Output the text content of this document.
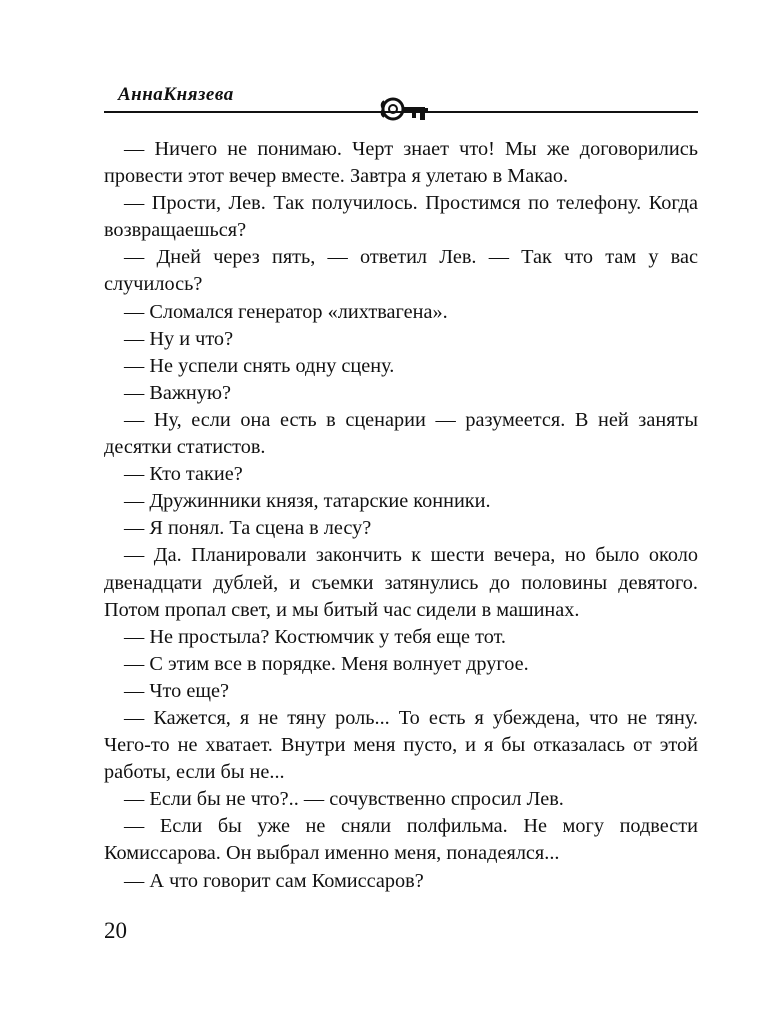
АннаКнязева

— Ничего не понимаю. Черт знает что! Мы же договорились провести этот вечер вместе. Завтра я улетаю в Макао.

— Прости, Лев. Так получилось. Простимся по телефону. Когда возвращаешься?

— Дней через пять, — ответил Лев. — Так что там у вас случилось?

— Сломался генератор «лихтвагена».

— Ну и что?

— Не успели снять одну сцену.

— Важную?

— Ну, если она есть в сценарии — разумеется. В ней заняты десятки статистов.

— Кто такие?

— Дружинники князя, татарские конники.

— Я понял. Та сцена в лесу?

— Да. Планировали закончить к шести вечера, но было около двенадцати дублей, и съемки затянулись до половины девятого. Потом пропал свет, и мы битый час сидели в машинах.

— Не простыла? Костюмчик у тебя еще тот.

— С этим все в порядке. Меня волнует другое.

— Что еще?

— Кажется, я не тяну роль... То есть я убеждена, что не тяну. Чего-то не хватает. Внутри меня пусто, и я бы отказалась от этой работы, если бы не...

— Если бы не что?.. — сочувственно спросил Лев.

— Если бы уже не сняли полфильма. Не могу подвести Комиссарова. Он выбрал именно меня, понадеялся...

— А что говорит сам Комиссаров?

20
